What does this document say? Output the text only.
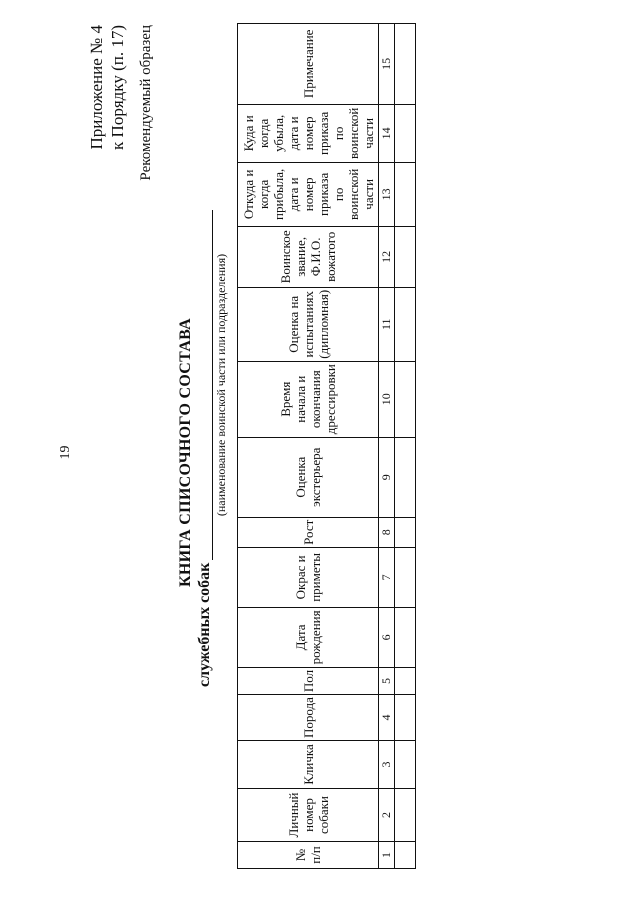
19
Приложение № 4 к Порядку (п. 17) Рекомендуемый образец
КНИГА СПИСОЧНОГО СОСТАВА
служебных собак
(наименование воинской части или подразделения)
№ п/п	Личный номер собаки	Кличка	Порода	Пол	Дата рождения	Окрас и приметы	Рост	Оценка экстерьера	Время начала и окончания дрессировки	Оценка на испытаниях (дипломная)	Воинское звание, Ф.И.О. вожатого	Откуда и когда прибыла, дата и номер приказа по воинской части	Куда и когда убыла, дата и номер приказа по воинской части	Примечание
1	2	3	4	5	6	7	8	9	10	11	12	13	14	15
